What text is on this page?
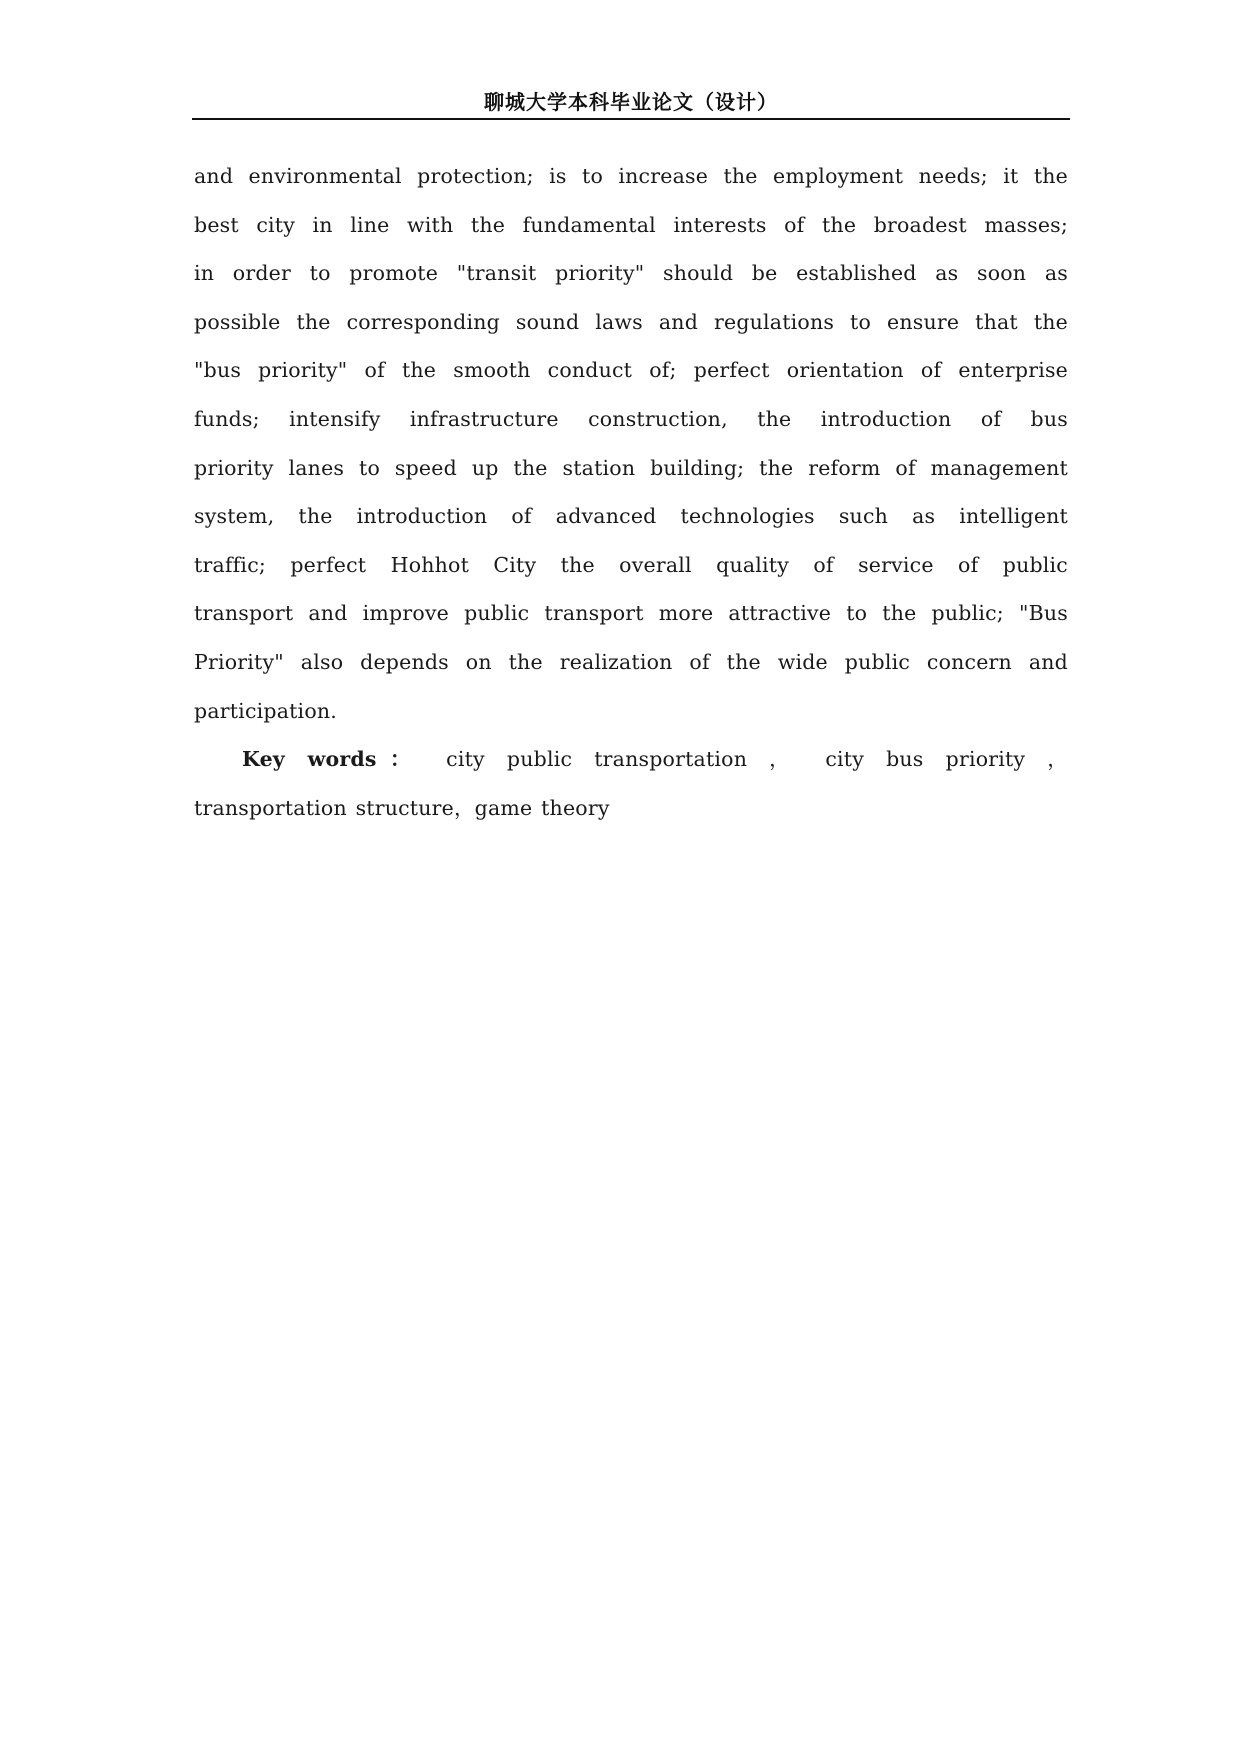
聊城大学本科毕业论文（设计）
and environmental protection; is to increase the employment needs; it the
best city in line with the fundamental interests of the broadest masses;
in order to promote "transit priority" should be established as soon as
possible the corresponding sound laws and regulations to ensure that the
"bus priority" of the smooth conduct of; perfect orientation of enterprise
funds; intensify infrastructure construction, the introduction of bus
priority lanes to speed up the station building; the reform of management
system, the introduction of advanced technologies such as intelligent
traffic; perfect Hohhot City the overall quality of service of public
transport and improve public transport more attractive to the public; "Bus
Priority" also depends on the realization of the wide public concern and
participation.
Key words： city public transportation ， city bus priority ，
transportation structure，game theory
